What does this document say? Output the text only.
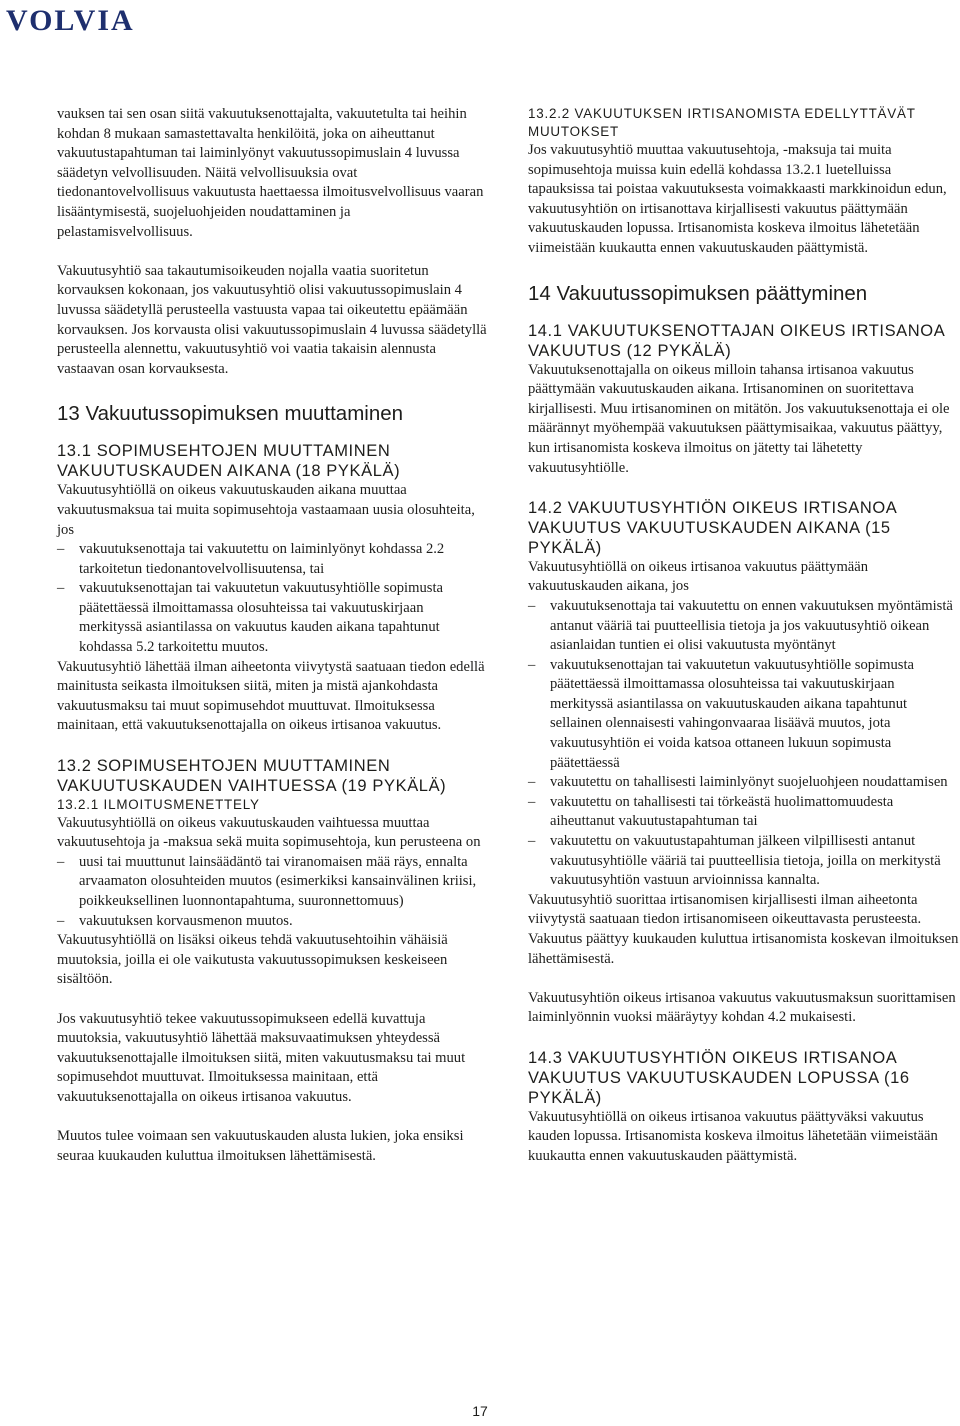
VOLVIA

vauksen tai sen osan siitä vakuutuksenottajalta, vakuutetulta tai heihin kohdan 8 mukaan samastettavalta henkilöitä, joka on aiheuttanut vakuutustapahtuman tai laiminlyönyt vakuutussopimuslain 4 luvussa säädetyn velvollisuuden. Näitä velvollisuuksia ovat tiedonantovelvollisuus vakuutusta haettaessa ilmoitusvelvollisuus vaaran lisääntymisestä, suojeluohjeiden noudattaminen ja pelastamisvelvollisuus.

Vakuutusyhtiö saa takautumisoikeuden nojalla vaatia suoritetun korvauksen kokonaan, jos vakuutusyhtiö olisi vakuutussopimuslain 4 luvussa säädetyllä perusteella vastuusta vapaa tai oikeutettu epäämään korvauksen. Jos korvausta olisi vakuutussopimuslain 4 luvussa säädetyllä perusteella alennettu, vakuutusyhtiö voi vaatia takaisin alennusta vastaavan osan korvauksesta.

13 Vakuutussopimuksen muuttaminen
13.1 SOPIMUSEHTOJEN MUUTTAMINEN VAKUUTUSKAUDEN AIKANA (18 PYKÄLÄ)

Vakuutusyhtiöllä on oikeus vakuutuskauden aikana muuttaa vakuutusmaksua tai muita sopimusehtoja vastaamaan uusia olosuhteita, jos

– vakuutuksenottaja tai vakuutettu on laiminlyönyt kohdassa 2.2 tarkoitetun tiedonantovelvollisuutensa, tai

– vakuutuksenottajan tai vakuutetun vakuutusyhtiölle sopimusta päätettäessä ilmoittamassa olosuhteissa tai vakuutuskirjaan merkityssä asiantilassa on vakuutus kauden aikana tapahtunut kohdassa 5.2 tarkoitettu muutos.

Vakuutusyhtiö lähettää ilman aiheetonta viivytystä saatuaan tiedon edellä mainitusta seikasta ilmoituksen siitä, miten ja mistä ajankohdasta vakuutusmaksu tai muut sopimusehdot muuttuvat. Ilmoituksessa mainitaan, että vakuutuksenottajalla on oikeus irtisanoa vakuutus.

13.2 SOPIMUSEHTOJEN MUUTTAMINEN VAKUUTUSKAUDEN VAIHTUESSA (19 PYKÄLÄ)
13.2.1 ILMOITUSMENETTELY

Vakuutusyhtiöllä on oikeus vakuutuskauden vaihtuessa muuttaa vakuutusehtoja ja -maksua sekä muita sopimusehtoja, kun perusteena on

– uusi tai muuttunut lainsäädäntö tai viranomaisen mää räys, ennalta arvaamaton olosuhteiden muutos (esimerkiksi kansainvälinen kriisi, poikkeuksellinen luonnontapahtuma, suuronnettomuus)

– vakuutuksen korvausmenon muutos.

Vakuutusyhtiöllä on lisäksi oikeus tehdä vakuutusehtoihin vähäisiä muutoksia, joilla ei ole vaikutusta vakuutussopimuksen keskeiseen sisältöön.

Jos vakuutusyhtiö tekee vakuutussopimukseen edellä kuvattuja muutoksia, vakuutusyhtiö lähettää maksuvaatimuksen yhteydessä vakuutuksenottajalle ilmoituksen siitä, miten vakuutusmaksu tai muut sopimusehdot muuttuvat. Ilmoituksessa mainitaan, että vakuutuksenottajalla on oikeus irtisanoa vakuutus.

Muutos tulee voimaan sen vakuutuskauden alusta lukien, joka ensiksi seuraa kuukauden kuluttua ilmoituksen lähettämisestä.

13.2.2 VAKUUTUKSEN IRTISANOMISTA EDELLYTTÄVÄT MUUTOKSET

Jos vakuutusyhtiö muuttaa vakuutusehtoja, -maksuja tai muita sopimusehtoja muissa kuin edellä kohdassa 13.2.1 luetelluissa tapauksissa tai poistaa vakuutuksesta voimakkaasti markkinoidun edun, vakuutusyhtiön on irtisanottava kirjallisesti vakuutus päättymään vakuutuskauden lopussa. Irtisanomista koskeva ilmoitus lähetetään viimeistään kuukautta ennen vakuutuskauden päättymistä.

14 Vakuutussopimuksen päättyminen
14.1 VAKUUTUKSENOTTAJAN OIKEUS IRTISANOA VAKUUTUS (12 PYKÄLÄ)

Vakuutuksenottajalla on oikeus milloin tahansa irtisanoa vakuutus päättymään vakuutuskauden aikana. Irtisanominen on suoritettava kirjallisesti. Muu irtisanominen on mitätön. Jos vakuutuksenottaja ei ole määrännyt myöhempää vakuutuksen päättymisaikaa, vakuutus päättyy, kun irtisanomista koskeva ilmoitus on jätetty tai lähetetty vakuutusyhtiölle.

14.2 VAKUUTUSYHTIÖN OIKEUS IRTISANOA VAKUUTUS VAKUUTUSKAUDEN AIKANA (15 PYKÄLÄ)

Vakuutusyhtiöllä on oikeus irtisanoa vakuutus päättymään vakuutuskauden aikana, jos

– vakuutuksenottaja tai vakuutettu on ennen vakuutuksen myöntämistä antanut vääriä tai puutteellisia tietoja ja jos vakuutusyhtiö oikean asianlaidan tuntien ei olisi vakuutusta myöntänyt

– vakuutuksenottajan tai vakuutetun vakuutusyhtiölle sopimusta päätettäessä ilmoittamassa olosuhteissa tai vakuutuskirjaan merkityssä asiantilassa on vakuutuskauden aikana tapahtunut sellainen olennaisesti vahingonvaaraa lisäävä muutos, jota vakuutusyhtiön ei voida katsoa ottaneen lukuun sopimusta päätettäessä

– vakuutettu on tahallisesti laiminlyönyt suojeluohjeen noudattamisen

– vakuutettu on tahallisesti tai törkeästä huolimattomuudesta aiheuttanut vakuutustapahtuman tai

– vakuutettu on vakuutustapahtuman jälkeen vilpillisesti antanut vakuutusyhtiölle vääriä tai puutteellisia tietoja, joilla on merkitystä vakuutusyhtiön vastuun arvioinnissa kannalta.

Vakuutusyhtiö suorittaa irtisanomisen kirjallisesti ilman aiheetonta viivytystä saatuaan tiedon irtisanomiseen oikeuttavasta perusteesta. Vakuutus päättyy kuukauden kuluttua irtisanomista koskevan ilmoituksen lähettämisestä.

Vakuutusyhtiön oikeus irtisanoa vakuutus vakuutusmaksun suorittamisen laiminlyönnin vuoksi määräytyy kohdan 4.2 mukaisesti.

14.3 VAKUUTUSYHTIÖN OIKEUS IRTISANOA VAKUUTUS VAKUUTUSKAUDEN LOPUSSA (16 PYKÄLÄ)

Vakuutusyhtiöllä on oikeus irtisanoa vakuutus päättyväksi vakuutus kauden lopussa. Irtisanomista koskeva ilmoitus lähetetään viimeistään kuukautta ennen vakuutuskauden päättymistä.

17
